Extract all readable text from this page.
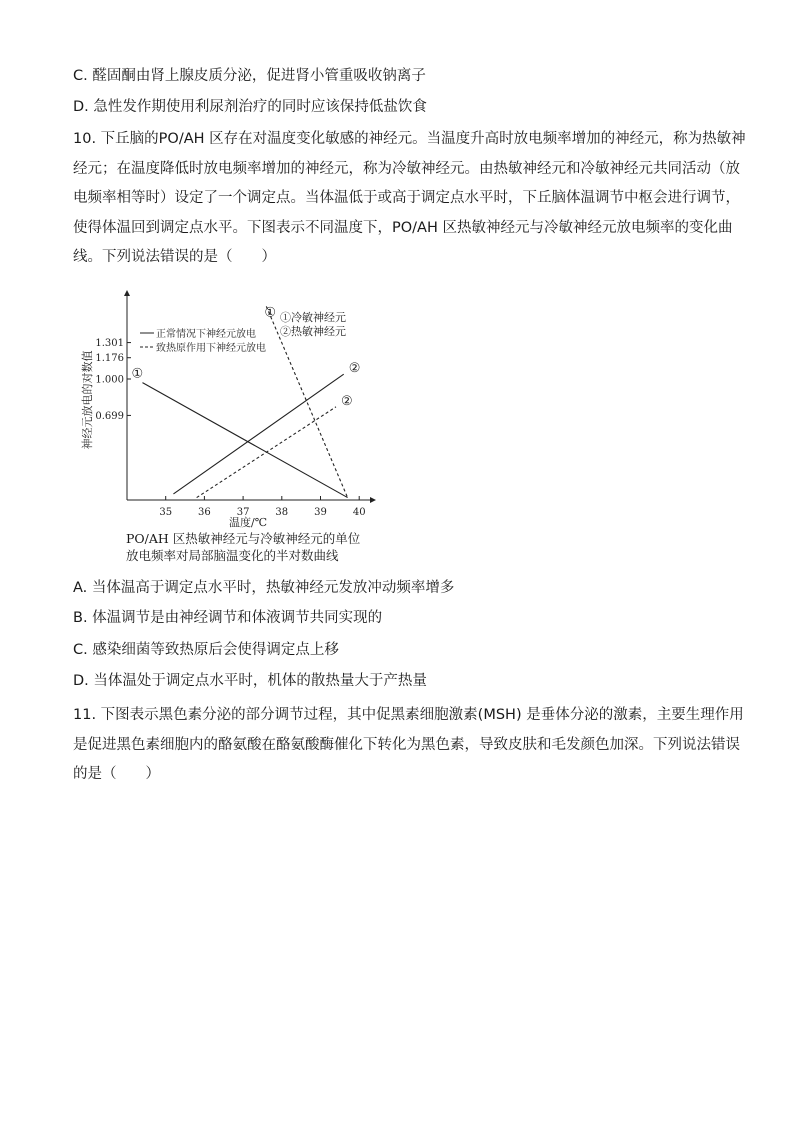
C. 醛固酮由肾上腺皮质分泌，促进肾小管重吸收钠离子
D. 急性发作期使用利尿剂治疗的同时应该保持低盐饮食
10. 下丘脑的PO/AH 区存在对温度变化敏感的神经元。当温度升高时放电频率增加的神经元，称为热敏神
经元；在温度降低时放电频率增加的神经元，称为冷敏神经元。由热敏神经元和冷敏神经元共同活动（放
电频率相等时）设定了一个调定点。当体温低于或高于调定点水平时，下丘脑体温调节中枢会进行调节，
使得体温回到调定点水平。下图表示不同温度下，PO/AH 区热敏神经元与冷敏神经元放电频率的变化曲
线。下列说法错误的是（　　）
35	36	37	38	39	40
0.699
1.000
1.176
1.301
①	②
①
②
①冷敏神经元
②热敏神经元
正常情况下神经元放电
致热原作用下神经元放电
温度/℃
神经元放电的对数值
PO/AH 区热敏神经元与冷敏神经元的单位
放电频率对局部脑温变化的半对数曲线
A. 当体温高于调定点水平时，热敏神经元发放冲动频率增多
B. 体温调节是由神经调节和体液调节共同实现的
C. 感染细菌等致热原后会使得调定点上移
D. 当体温处于调定点水平时，机体的散热量大于产热量
11. 下图表示黑色素分泌的部分调节过程，其中促黑素细胞激素(MSH) 是垂体分泌的激素，主要生理作用
是促进黑色素细胞内的酪氨酸在酪氨酸酶催化下转化为黑色素，导致皮肤和毛发颜色加深。下列说法错误
的是（　　）
